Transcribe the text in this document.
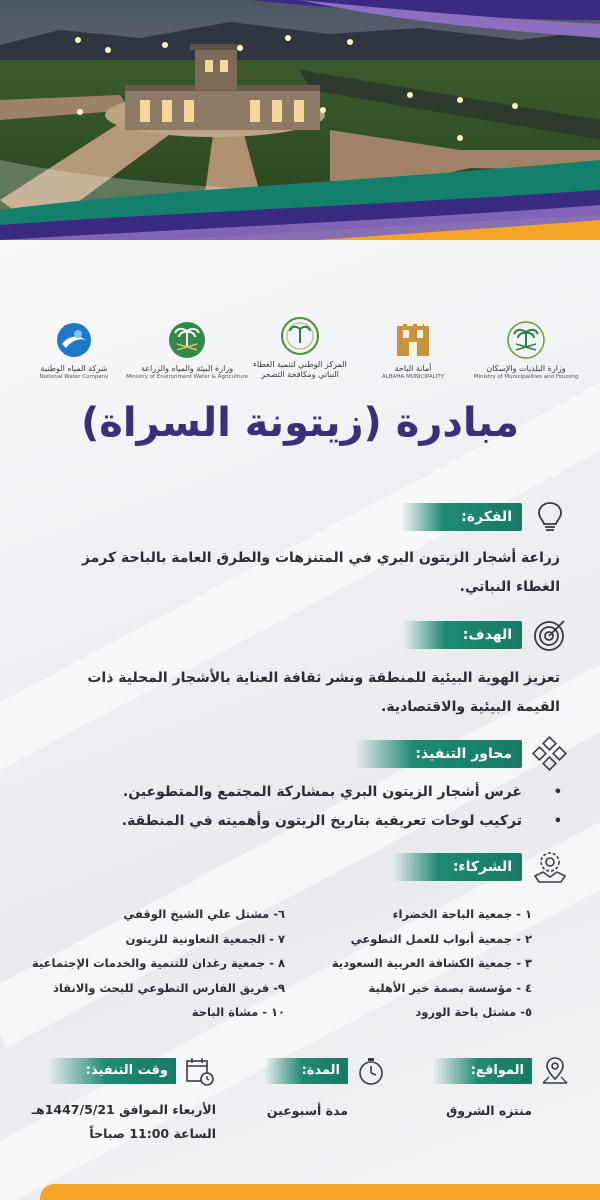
وزارة البلديات والإسكان
Ministry of Municipalities and Housing
أمانة الباحة
ALBAHA MUNICIPALITY
المركز الوطني لتنمية الغطاء النباتي ومكافحة التصحر
وزارة البيئة والمياه والزراعة
Ministry of Environment Water & Agriculture
شركة المياه الوطنية
National Water Company
مبادرة (زيتونة السراة)
الفكرة:
زراعة أشجار الزيتون البري في المتنزهات والطرق العامة بالباحة كرمز الغطاء النباتي.
الهدف:
تعزيز الهوية البيئية للمنطقة ونشر ثقافة العناية بالأشجار المحلية ذات القيمة البيئية والاقتصادية.
محاور التنفيذ:
• غرس أشجار الزيتون البري بمشاركة المجتمع والمتطوعين.
• تركيب لوحات تعريفية بتاريخ الزيتون وأهميته في المنطقة.
الشركاء:
١ - جمعية الباحة الخضراء
٢ - جمعية أبواب للعمل التطوعي
٣ - جمعية الكشافة العربية السعودية
٤ - مؤسسة بصمة خير الأهلية
٥- مشتل باحة الورود
٦- مشتل علي الشيخ الوقفي
٧ - الجمعية التعاونية للزيتون
٨ - جمعية رغدان للتنمية والخدمات الإجتماعية
٩- فريق الفارس التطوعي للبحث والانقاذ
١٠ - مشاة الباحة
المواقع:
منتزه الشروق
المدة:
مدة أسبوعين
وقت التنفيذ:
الأربعاء الموافق 1447/5/21هـ
الساعة 11:00 صباحاً
